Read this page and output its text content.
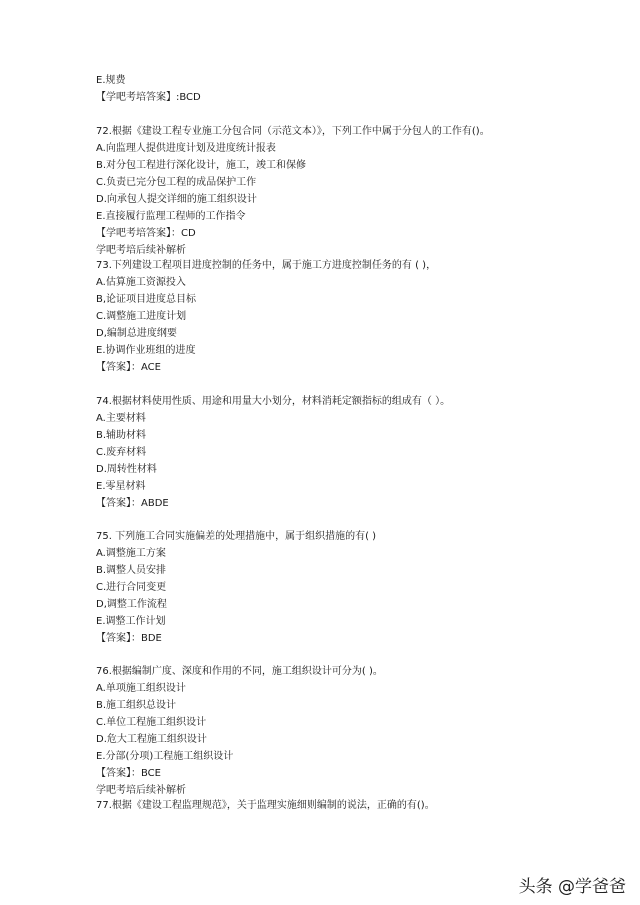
E.规费
【学吧考培答案】:BCD
72.根据《建设工程专业施工分包合同（示范文本）》，下列工作中属于分包人的工作有()。
A.向监理人提供进度计划及进度统计报表
B.对分包工程进行深化设计，施工，竣工和保修
C.负责已完分包工程的成品保护工作
D.向承包人提交详细的施工组织设计
E.直接履行监理工程师的工作指令
【学吧考培答案】：CD
学吧考培后续补解析
73.下列建设工程项目进度控制的任务中，属于施工方进度控制任务的有 ( )，
A.估算施工资源投入
B,论证项目进度总目标
C.调整施工进度计划
D,编制总进度纲要
E.协调作业班组的进度
【答案】：ACE
74.根据材料使用性质、用途和用量大小划分，材料消耗定额指标的组成有（ ）。
A.主要材料
B.辅助材料
C.废弃材料
D.周转性材料
E.零星材料
【答案】：ABDE
75. 下列施工合同实施偏差的处理措施中，属于组织措施的有( )
A.调整施工方案
B.调整人员安排
C.进行合同变更
D,调整工作流程
E.调整工作计划
【答案】：BDE
76.根据编制广度、深度和作用的不同，施工组织设计可分为( )。
A.单项施工组织设计
B.施工组织总设计
C.单位工程施工组织设计
D.危大工程施工组织设计
E.分部(分项)工程施工组织设计
【答案】：BCE
学吧考培后续补解析
77.根据《建设工程监理规范》，关于监理实施细则编制的说法，正确的有()。
头条 @学爸爸
